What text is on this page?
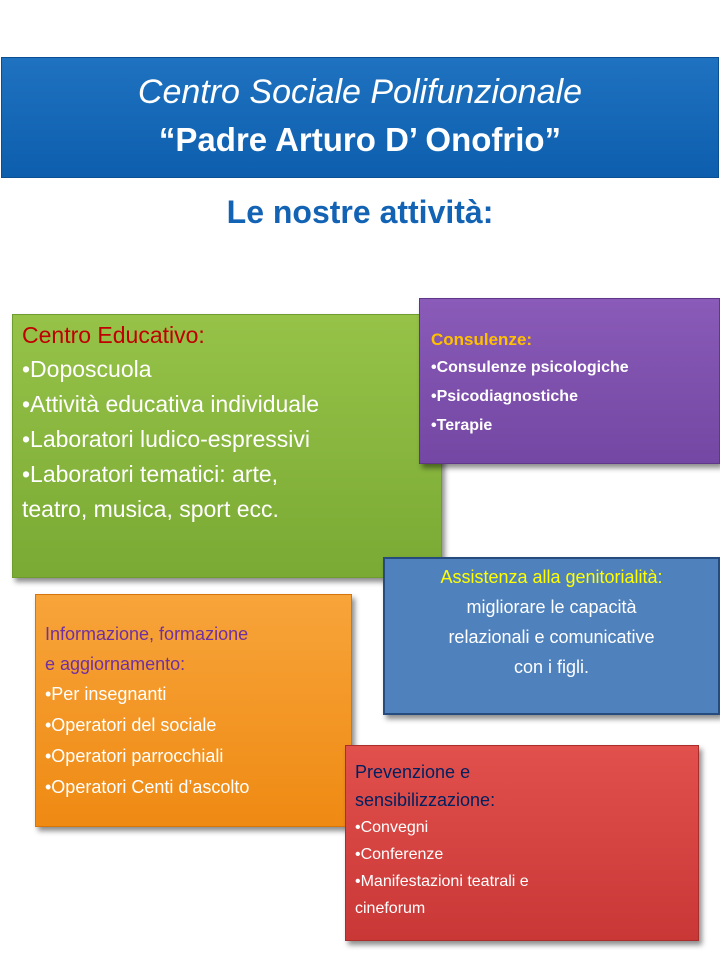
Centro Sociale Polifunzionale
“Padre Arturo D’ Onofrio”
Le nostre attività:
Centro Educativo:
•Doposcuola
•Attività educativa individuale
•Laboratori ludico-espressivi
•Laboratori tematici: arte,
teatro, musica, sport ecc.
Consulenze:
•Consulenze psicologiche
•Psicodiagnostiche
•Terapie
Assistenza alla genitorialità:
migliorare le capacità
relazionali e comunicative
con i figli.
Informazione, formazione
e aggiornamento:
•Per insegnanti
•Operatori del sociale
•Operatori parrocchiali
•Operatori Centi d’ascolto
Prevenzione e
sensibilizzazione:
•Convegni
•Conferenze
•Manifestazioni teatrali e
cineforum
